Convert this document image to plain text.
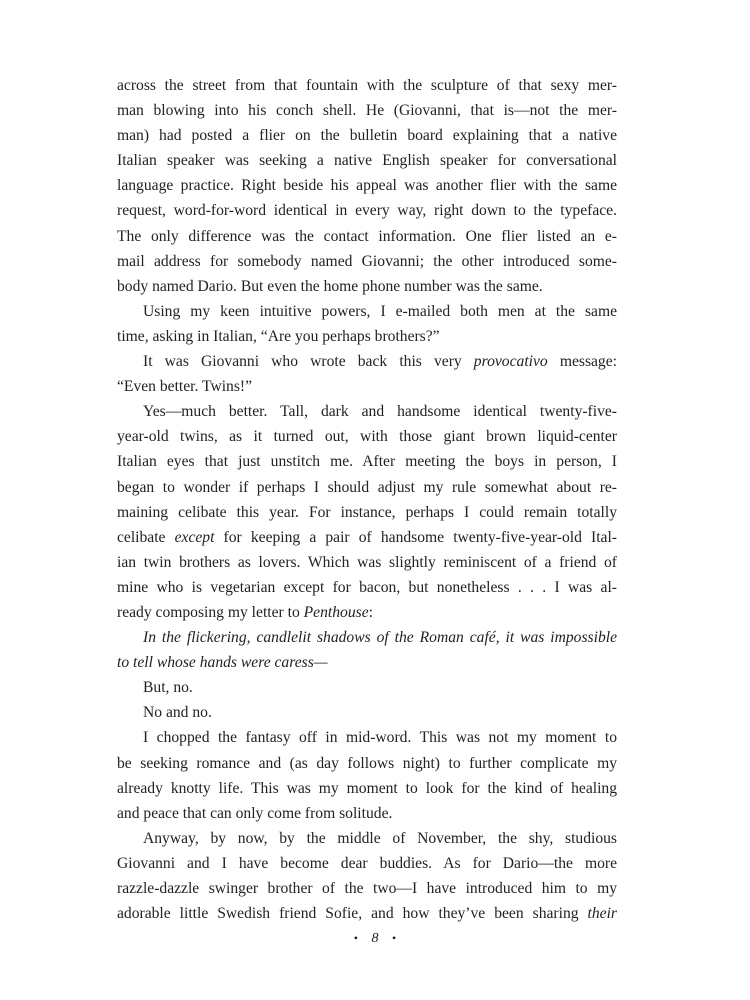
across the street from that fountain with the sculpture of that sexy mer-
man blowing into his conch shell. He (Giovanni, that is—not the mer-
man) had posted a flier on the bulletin board explaining that a native
Italian speaker was seeking a native English speaker for conversational
language practice. Right beside his appeal was another flier with the same
request, word-for-word identical in every way, right down to the typeface.
The only difference was the contact information. One flier listed an e-
mail address for somebody named Giovanni; the other introduced some-
body named Dario. But even the home phone number was the same.
Using my keen intuitive powers, I e-mailed both men at the same
time, asking in Italian, “Are you perhaps brothers?”
It was Giovanni who wrote back this very provocativo message:
“Even better. Twins!”
Yes—much better. Tall, dark and handsome identical twenty-five-
year-old twins, as it turned out, with those giant brown liquid-center
Italian eyes that just unstitch me. After meeting the boys in person, I
began to wonder if perhaps I should adjust my rule somewhat about re-
maining celibate this year. For instance, perhaps I could remain totally
celibate except for keeping a pair of handsome twenty-five-year-old Ital-
ian twin brothers as lovers. Which was slightly reminiscent of a friend of
mine who is vegetarian except for bacon, but nonetheless . . . I was al-
ready composing my letter to Penthouse:
In the flickering, candlelit shadows of the Roman café, it was impossible
to tell whose hands were caress—
But, no.
No and no.
I chopped the fantasy off in mid-word. This was not my moment to
be seeking romance and (as day follows night) to further complicate my
already knotty life. This was my moment to look for the kind of healing
and peace that can only come from solitude.
Anyway, by now, by the middle of November, the shy, studious
Giovanni and I have become dear buddies. As for Dario—the more
razzle-dazzle swinger brother of the two—I have introduced him to my
adorable little Swedish friend Sofie, and how they’ve been sharing their
• 8 •
